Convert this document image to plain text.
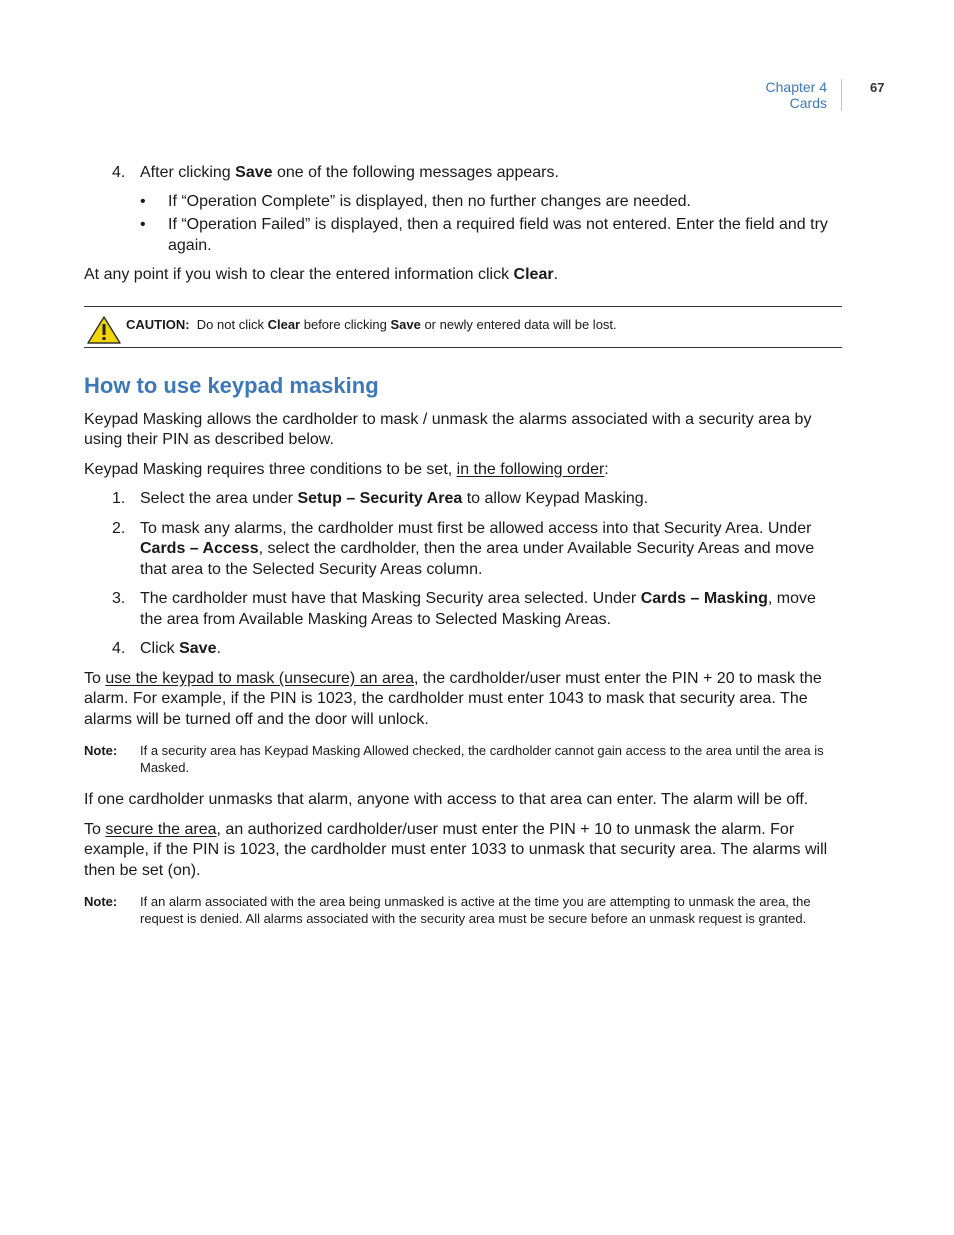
Chapter 4
Cards
67
4. After clicking Save one of the following messages appears.
• If “Operation Complete” is displayed, then no further changes are needed.
• If “Operation Failed” is displayed, then a required field was not entered. Enter the field and try again.

At any point if you wish to clear the entered information click Clear.

CAUTION: Do not click Clear before clicking Save or newly entered data will be lost.
How to use keypad masking

Keypad Masking allows the cardholder to mask / unmask the alarms associated with a security area by using their PIN as described below.

Keypad Masking requires three conditions to be set, in the following order:

1. Select the area under Setup – Security Area to allow Keypad Masking.
2. To mask any alarms, the cardholder must first be allowed access into that Security Area. Under Cards – Access, select the cardholder, then the area under Available Security Areas and move that area to the Selected Security Areas column.
3. The cardholder must have that Masking Security area selected. Under Cards – Masking, move the area from Available Masking Areas to Selected Masking Areas.
4. Click Save.

To use the keypad to mask (unsecure) an area, the cardholder/user must enter the PIN + 20 to mask the alarm. For example, if the PIN is 1023, the cardholder must enter 1043 to mask that security area. The alarms will be turned off and the door will unlock.

Note: If a security area has Keypad Masking Allowed checked, the cardholder cannot gain access to the area until the area is Masked.

If one cardholder unmasks that alarm, anyone with access to that area can enter. The alarm will be off.

To secure the area, an authorized cardholder/user must enter the PIN + 10 to unmask the alarm. For example, if the PIN is 1023, the cardholder must enter 1033 to unmask that security area. The alarms will then be set (on).

Note: If an alarm associated with the area being unmasked is active at the time you are attempting to unmask the area, the request is denied. All alarms associated with the security area must be secure before an unmask request is granted.
